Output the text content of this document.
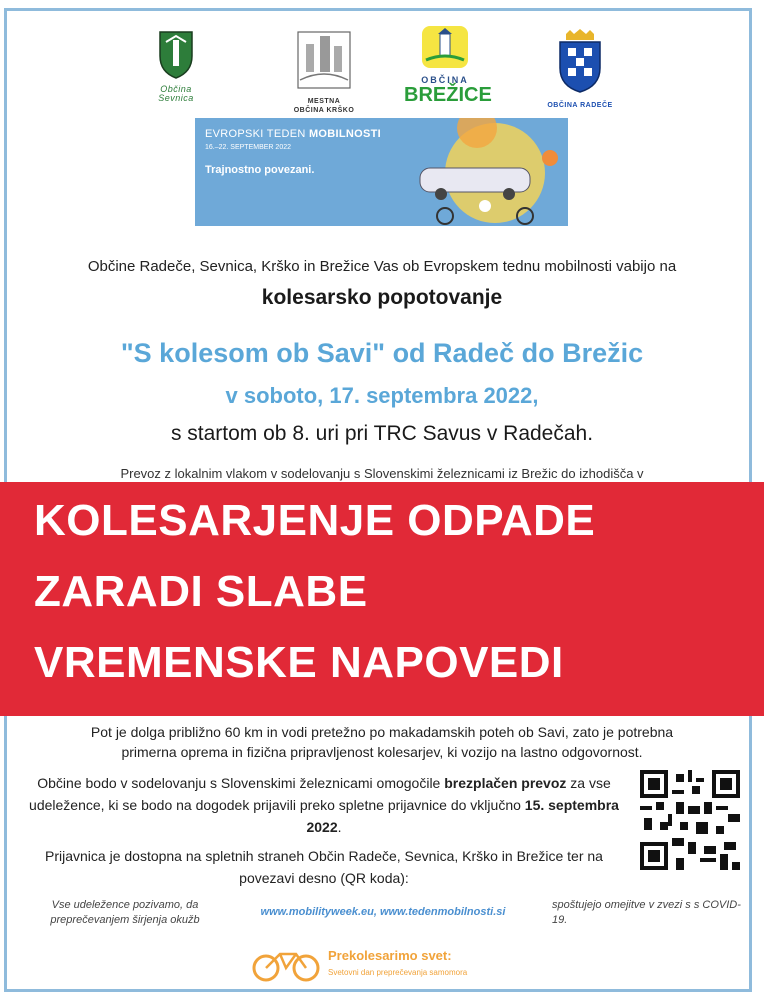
Občina Sevnica	MESTNA
OBČINA KRŠKO
OBČINA
BREŽICE	OBČINA RADEČE
EVROPSKI TEDEN MOBILNOSTI
16.–22. SEPTEMBER 2022
Trajnostno povezani.
Občine Radeče, Sevnica, Krško in Brežice Vas ob Evropskem tednu mobilnosti vabijo na
kolesarsko popotovanje
"S kolesom ob Savi" od Radeč do Brežic
v soboto, 17. septembra 2022,
s startom ob 8. uri pri TRC Savus v Radečah.
Prevoz z lokalnim vlakom v sodelovanju s Slovenskimi železnicami iz Brežic do izhodišča v
KOLESARJENJE ODPADE
ZARADI SLABE
VREMENSKE NAPOVEDI
Pot je dolga približno 60 km in vodi pretežno po makadamskih poteh ob Savi, zato je potrebna
primerna oprema in fizična pripravljenost kolesarjev, ki vozijo na lastno odgovornost.
Občine bodo v sodelovanju s Slovenskimi železnicami omogočile brezplačen prevoz za vse udeležence, ki se bodo na dogodek prijavili preko spletne prijavnice do vključno 15. septembra 2022.
Prijavnica je dostopna na spletnih straneh Občin Radeče, Sevnica, Krško in Brežice ter na povezavi desno (QR koda):
Vse udeležence pozivamo, da preprečevanjem širjenja okužb
www.mobilityweek.eu, www.tedenmobilnosti.si
spoštujejo omejitve v zvezi s s COVID-19.
Prekolesarimo svet:
Svetovni dan preprečevanja samomora
